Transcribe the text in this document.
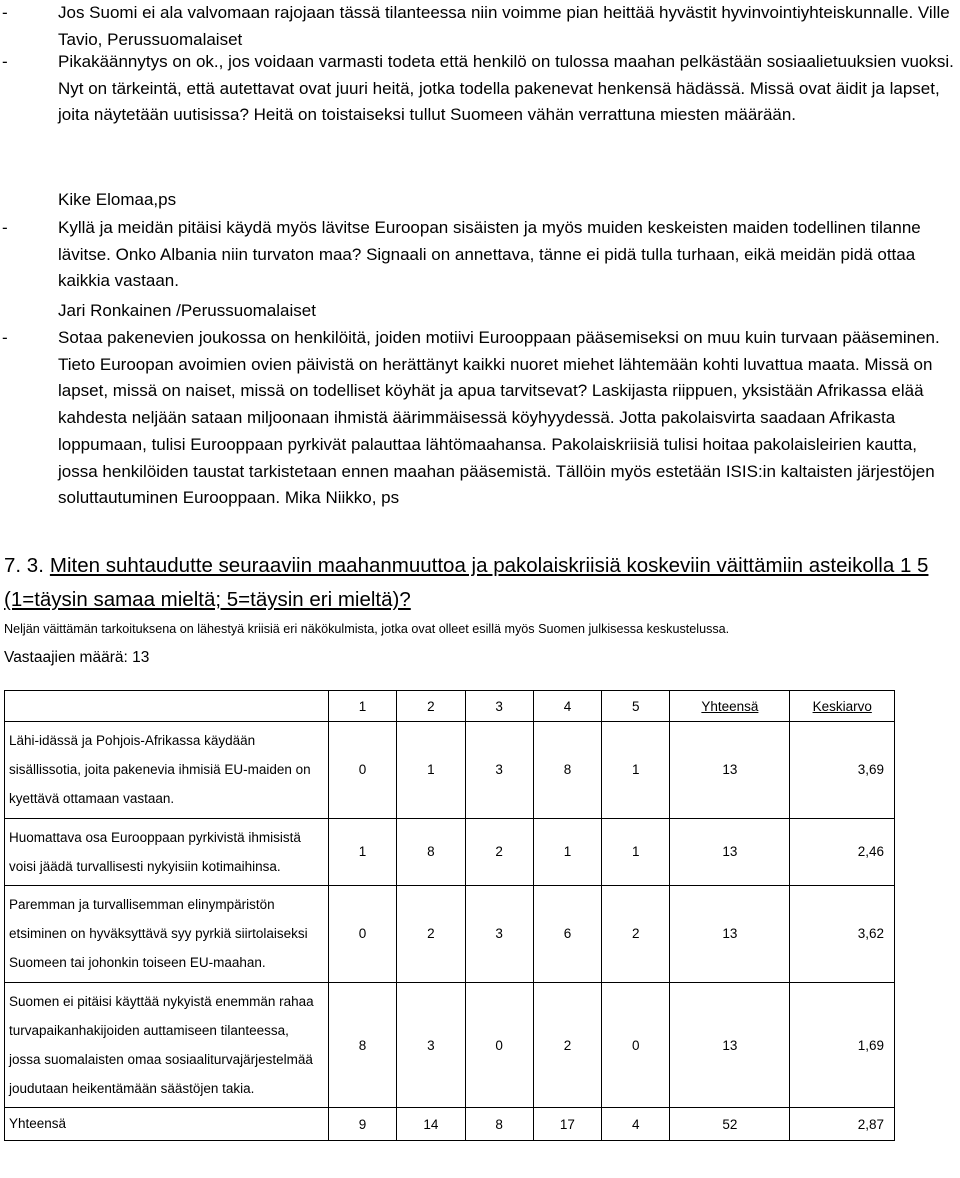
-	Jos Suomi ei ala valvomaan rajojaan tässä tilanteessa niin voimme pian heittää hyvästit hyvinvointiyhteiskunnalle. Ville Tavio, Perussuomalaiset
-	Pikakäännytys on ok., jos voidaan varmasti todeta että henkilö on tulossa maahan pelkästään sosiaalietuuksien vuoksi. Nyt on tärkeintä, että autettavat ovat juuri heitä, jotka todella pakenevat henkensä hädässä. Missä ovat äidit ja lapset, joita näytetään uutisissa? Heitä on toistaiseksi tullut Suomeen vähän verrattuna miesten määrään.
Kike Elomaa,ps
-	Kyllä ja meidän pitäisi käydä myös lävitse Euroopan sisäisten ja myös muiden keskeisten maiden todellinen tilanne lävitse. Onko Albania niin turvaton maa? Signaali on annettava, tänne ei pidä tulla turhaan, eikä meidän pidä ottaa kaikkia vastaan.
Jari Ronkainen /Perussuomalaiset
-	Sotaa pakenevien joukossa on henkilöitä, joiden motiivi Eurooppaan pääsemiseksi on muu kuin turvaan pääseminen. Tieto Euroopan avoimien ovien päivistä on herättänyt kaikki nuoret miehet lähtemään kohti luvattua maata. Missä on lapset, missä on naiset, missä on todelliset köyhät ja apua tarvitsevat? Laskijasta riippuen, yksistään Afrikassa elää kahdesta neljään sataan miljoonaan ihmistä äärimmäisessä köyhyydessä. Jotta pakolaisvirta saadaan Afrikasta loppumaan, tulisi Eurooppaan pyrkivät palauttaa lähtömaahansa. Pakolaiskriisiä tulisi hoitaa pakolaisleirien kautta, jossa henkilöiden taustat tarkistetaan ennen maahan pääsemistä. Tällöin myös estetään ISIS:in kaltaisten järjestöjen soluttautuminen Eurooppaan. Mika Niikko, ps
7. 3. Miten suhtaudutte seuraaviin maahanmuuttoa ja pakolaiskriisiä koskeviin väittämiin asteikolla 1 5 (1=täysin samaa mieltä; 5=täysin eri mieltä)?
Neljän väittämän tarkoituksena on lähestyä kriisiä eri näkökulmista, jotka ovat olleet esillä myös Suomen julkisessa keskustelussa.
Vastaajien määrä: 13
	1	2	3	4	5	Yhteensä	Keskiarvo
Lähi-idässä ja Pohjois-Afrikassa käydään sisällissotia, joita pakenevia ihmisiä EU-maiden on kyettävä ottamaan vastaan.	0	1	3	8	1	13	3,69
Huomattava osa Eurooppaan pyrkivistä ihmisistä voisi jäädä turvallisesti nykyisiin kotimaihinsa.	1	8	2	1	1	13	2,46
Paremman ja turvallisemman elinympäristön etsiminen on hyväksyttävä syy pyrkiä siirtolaiseksi Suomeen tai johonkin toiseen EU-maahan.	0	2	3	6	2	13	3,62
Suomen ei pitäisi käyttää nykyistä enemmän rahaa turvapaikanhakijoiden auttamiseen tilanteessa, jossa suomalaisten omaa sosiaaliturvajärjestelmää joudutaan heikentämään säästöjen takia.	8	3	0	2	0	13	1,69
Yhteensä	9	14	8	17	4	52	2,87
